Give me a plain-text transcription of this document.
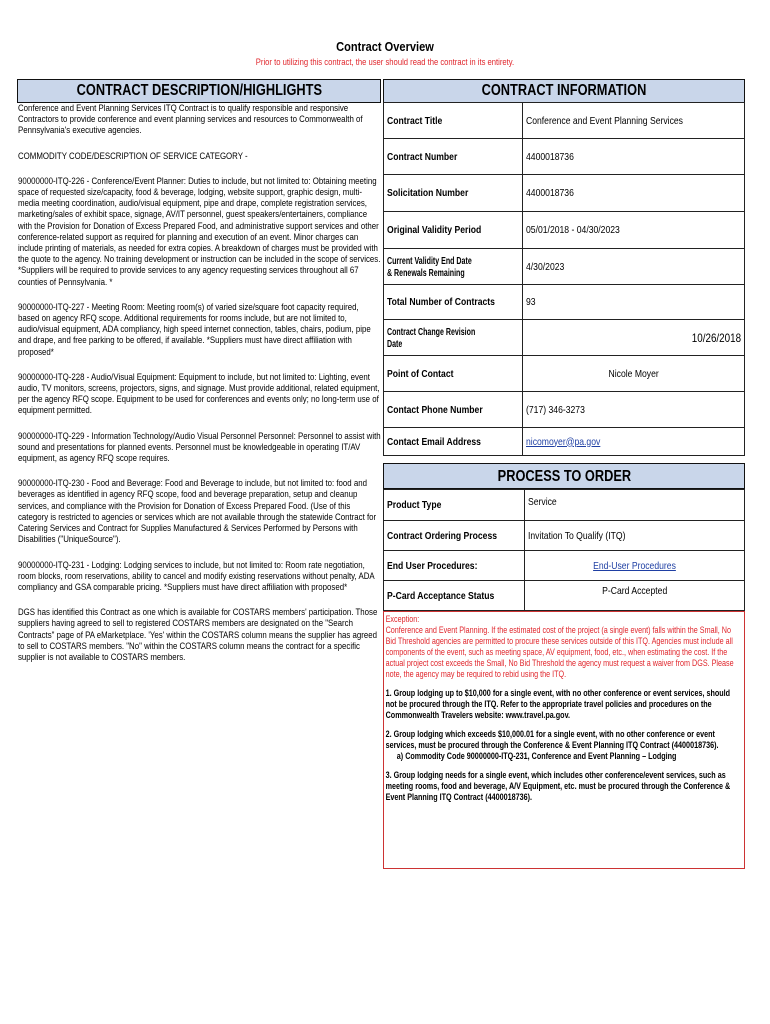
Contract Overview
Prior to utilizing this contract, the user should read the contract in its entirety.
CONTRACT DESCRIPTION/HIGHLIGHTS

Conference and Event Planning Services ITQ Contract is to qualify responsible and responsive Contractors to provide conference and event planning services and resources to Commonwealth of Pennsylvania's executive agencies.

COMMODITY CODE/DESCRIPTION OF SERVICE CATEGORY -

90000000-ITQ-226 - Conference/Event Planner: Duties to include, but not limited to: Obtaining meeting space of requested size/capacity, food & beverage, lodging, website support, graphic design, multi-media meeting coordination, audio/visual equipment, pipe and drape, complete registration services, marketing/sales of exhibit space, signage, AV/IT personnel, guest speakers/entertainers, compliance with the Provision for Donation of Excess Prepared Food, and administrative support services and other conference-related support as required for planning and execution of an event. Minor charges can include printing of materials, as needed for extra copies. A breakdown of charges must be provided with the quote to the agency. No training development or instruction can be included in the scope of services. *Suppliers will be required to provide services to any agency requesting services throughout all 67 counties of Pennsylvania. *

90000000-ITQ-227 - Meeting Room: Meeting room(s) of varied size/square foot capacity required, based on agency RFQ scope. Additional requirements for rooms include, but are not limited to, audio/visual equipment, ADA compliancy, high speed internet connection, tables, chairs, podium, pipe and drape, and free parking to be offered, if available. *Suppliers must have direct affiliation with proposed*

90000000-ITQ-228 - Audio/Visual Equipment: Equipment to include, but not limited to: Lighting, event audio, TV monitors, screens, projectors, signs, and signage. Must provide additional, related equipment, per the agency RFQ scope. Equipment to be used for conferences and events only; no long-term use of equipment permitted.

90000000-ITQ-229 - Information Technology/Audio Visual Personnel Personnel: Personnel to assist with sound and presentations for planned events. Personnel must be knowledgeable in operating IT/AV equipment, as agency RFQ scope requires.

90000000-ITQ-230 - Food and Beverage: Food and Beverage to include, but not limited to: food and beverages as identified in agency RFQ scope, food and beverage preparation, setup and cleanup services, and compliance with the Provision for Donation of Excess Prepared Food. (Use of this category is restricted to agencies or services which are not available through the statewide Contract for Catering Services and Contract for Supplies Manufactured & Services Performed by Persons with Disabilities ("UniqueSource").

90000000-ITQ-231 - Lodging: Lodging services to include, but not limited to: Room rate negotiation, room blocks, room reservations, ability to cancel and modify existing reservations without penalty, ADA compliancy and GSA comparable pricing. *Suppliers must have direct affiliation with proposed*

DGS has identified this Contract as one which is available for COSTARS members' participation. Those suppliers having agreed to sell to registered COSTARS members are designated on the "Search Contracts" page of PA eMarketplace. 'Yes' within the COSTARS column means the supplier has agreed to sell to COSTARS members. "No" within the COSTARS column means the contract for a specific supplier is not available to COSTARS members.

CONTRACT INFORMATION
Contract Title	Conference and Event Planning Services
Contract Number	4400018736
Solicitation Number	4400018736
Original Validity Period	05/01/2018 - 04/30/2023
Current Validity End Date
& Renewals Remaining	4/30/2023
Total Number of Contracts	93
Contract Change Revision
Date	10/26/2018
Point of Contact	Nicole Moyer
Contact Phone Number	(717) 346-3273
Contact Email Address	nicomoyer@pa.gov
PROCESS TO ORDER
Product Type	Service
Contract Ordering Process	Invitation To Qualify (ITQ)
End User Procedures:	End-User Procedures
P-Card Acceptance Status	P-Card Accepted
Exception:
Conference and Event Planning. If the estimated cost of the project (a single event) falls within the Small, No Bid Threshold agencies are permitted to procure these services outside of this ITQ. Agencies must include all components of the event, such as meeting space, AV equipment, food, etc., when estimating the cost. If the actual project cost exceeds the Small, No Bid Threshold the agency must request a waiver from DGS. Please note, the agency may be required to rebid using the ITQ.
1. Group lodging up to $10,000 for a single event, with no other conference or event services, should not be procured through the ITQ. Refer to the appropriate travel policies and procedures on the Commonwealth Travelers website: www.travel.pa.gov.
2. Group lodging which exceeds $10,000.01 for a single event, with no other conference or event services, must be procured through the Conference & Event Planning ITQ Contract (4400018736).
a) Commodity Code 90000000-ITQ-231, Conference and Event Planning – Lodging
3. Group lodging needs for a single event, which includes other conference/event services, such as meeting rooms, food and beverage, A/V Equipment, etc. must be procured through the Conference & Event Planning ITQ Contract (4400018736).
